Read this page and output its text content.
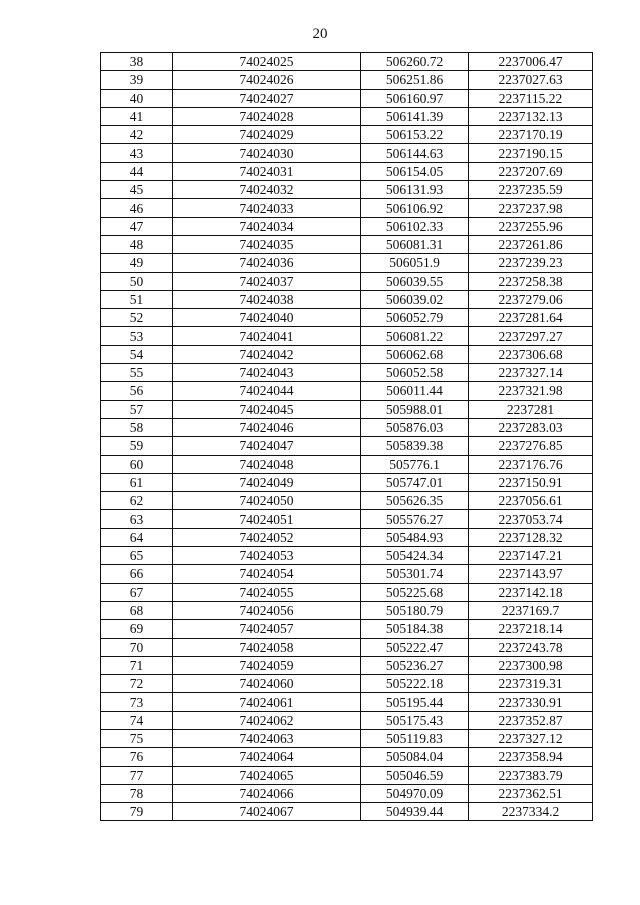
20
38	74024025	506260.72	2237006.47
39	74024026	506251.86	2237027.63
40	74024027	506160.97	2237115.22
41	74024028	506141.39	2237132.13
42	74024029	506153.22	2237170.19
43	74024030	506144.63	2237190.15
44	74024031	506154.05	2237207.69
45	74024032	506131.93	2237235.59
46	74024033	506106.92	2237237.98
47	74024034	506102.33	2237255.96
48	74024035	506081.31	2237261.86
49	74024036	506051.9	2237239.23
50	74024037	506039.55	2237258.38
51	74024038	506039.02	2237279.06
52	74024040	506052.79	2237281.64
53	74024041	506081.22	2237297.27
54	74024042	506062.68	2237306.68
55	74024043	506052.58	2237327.14
56	74024044	506011.44	2237321.98
57	74024045	505988.01	2237281
58	74024046	505876.03	2237283.03
59	74024047	505839.38	2237276.85
60	74024048	505776.1	2237176.76
61	74024049	505747.01	2237150.91
62	74024050	505626.35	2237056.61
63	74024051	505576.27	2237053.74
64	74024052	505484.93	2237128.32
65	74024053	505424.34	2237147.21
66	74024054	505301.74	2237143.97
67	74024055	505225.68	2237142.18
68	74024056	505180.79	2237169.7
69	74024057	505184.38	2237218.14
70	74024058	505222.47	2237243.78
71	74024059	505236.27	2237300.98
72	74024060	505222.18	2237319.31
73	74024061	505195.44	2237330.91
74	74024062	505175.43	2237352.87
75	74024063	505119.83	2237327.12
76	74024064	505084.04	2237358.94
77	74024065	505046.59	2237383.79
78	74024066	504970.09	2237362.51
79	74024067	504939.44	2237334.2
